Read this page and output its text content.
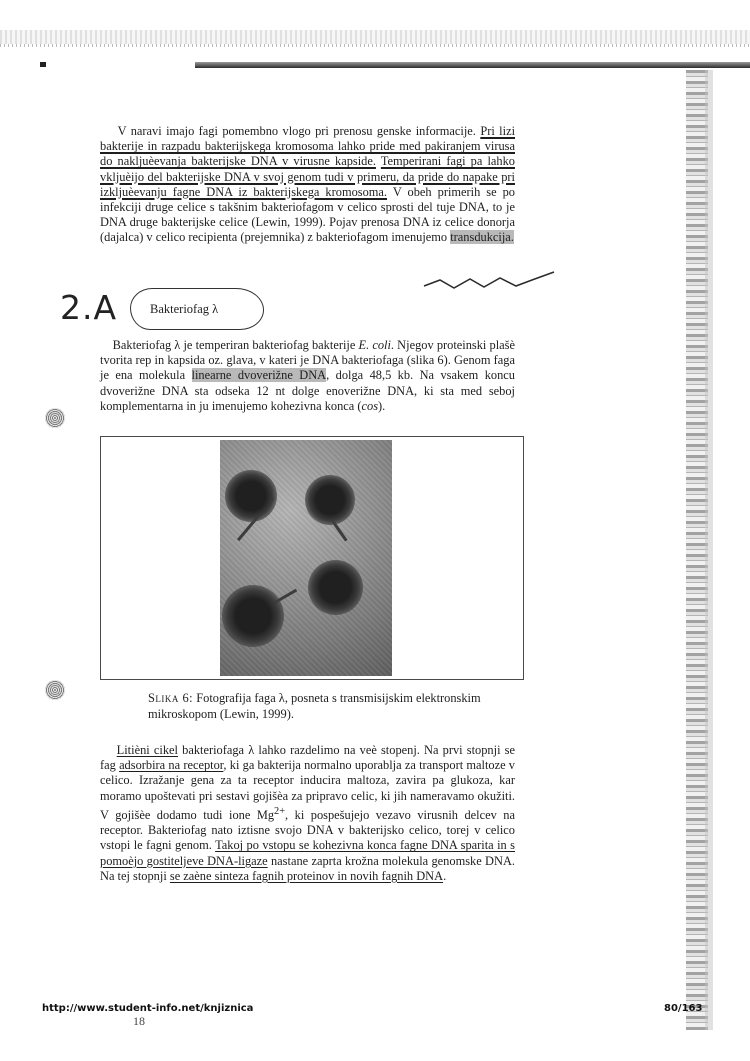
V naravi imajo fagi pomembno vlogo pri prenosu genske informacije. Pri lizi bakterije in razpadu bakterijskega kromosoma lahko pride med pakiranjem virusa do nakljuèevanja bakterijske DNA v virusne kapside. Temperirani fagi pa lahko vkljuèijo del bakterijske DNA v svoj genom tudi v primeru, da pride do napake pri izkljuèevanju fagne DNA iz bakterijskega kromosoma. V obeh primerih se po infekciji druge celice s takšnim bakteriofagom v celico sprosti del tuje DNA, to je DNA druge bakterijske celice (Lewin, 1999). Pojav prenosa DNA iz celice donorja (dajalca) v celico recipienta (prejemnika) z bakteriofagom imenujemo transdukcija.

2.A	Bakteriofag λ

Bakteriofag λ je temperiran bakteriofag bakterije E. coli. Njegov proteinski plašè tvorita rep in kapsida oz. glava, v kateri je DNA bakteriofaga (slika 6). Genom faga je ena molekula linearne dvoverižne DNA, dolga 48,5 kb. Na vsakem koncu dvoverižne DNA sta odseka 12 nt dolge enoverižne DNA, ki sta med seboj komplementarna in ju imenujemo kohezivna konca (cos).

Slika 6: Fotografija faga λ, posneta s transmisijskim elektronskim mikroskopom (Lewin, 1999).

Litièni cikel bakteriofaga λ lahko razdelimo na veè stopenj. Na prvi stopnji se fag adsorbira na receptor, ki ga bakterija normalno uporablja za transport maltoze v celico. Izražanje gena za ta receptor inducira maltoza, zavira pa glukoza, kar moramo upoštevati pri sestavi gojišèa za pripravo celic, ki jih nameravamo okužiti. V gojišèe dodamo tudi ione $Mg^{2+}$, ki pospešujejo vezavo virusnih delcev na receptor. Bakteriofag nato iztisne svojo DNA v bakterijsko celico, torej v celico vstopi le fagni genom. Takoj po vstopu se kohezivna konca fagne DNA sparita in s pomoèjo gostiteljeve DNA-ligaze nastane zaprta krožna molekula genomske DNA. Na tej stopnji se zaène sinteza fagnih proteinov in novih fagnih DNA.

http://www.student-info.net/knjiznica
18
80/163
